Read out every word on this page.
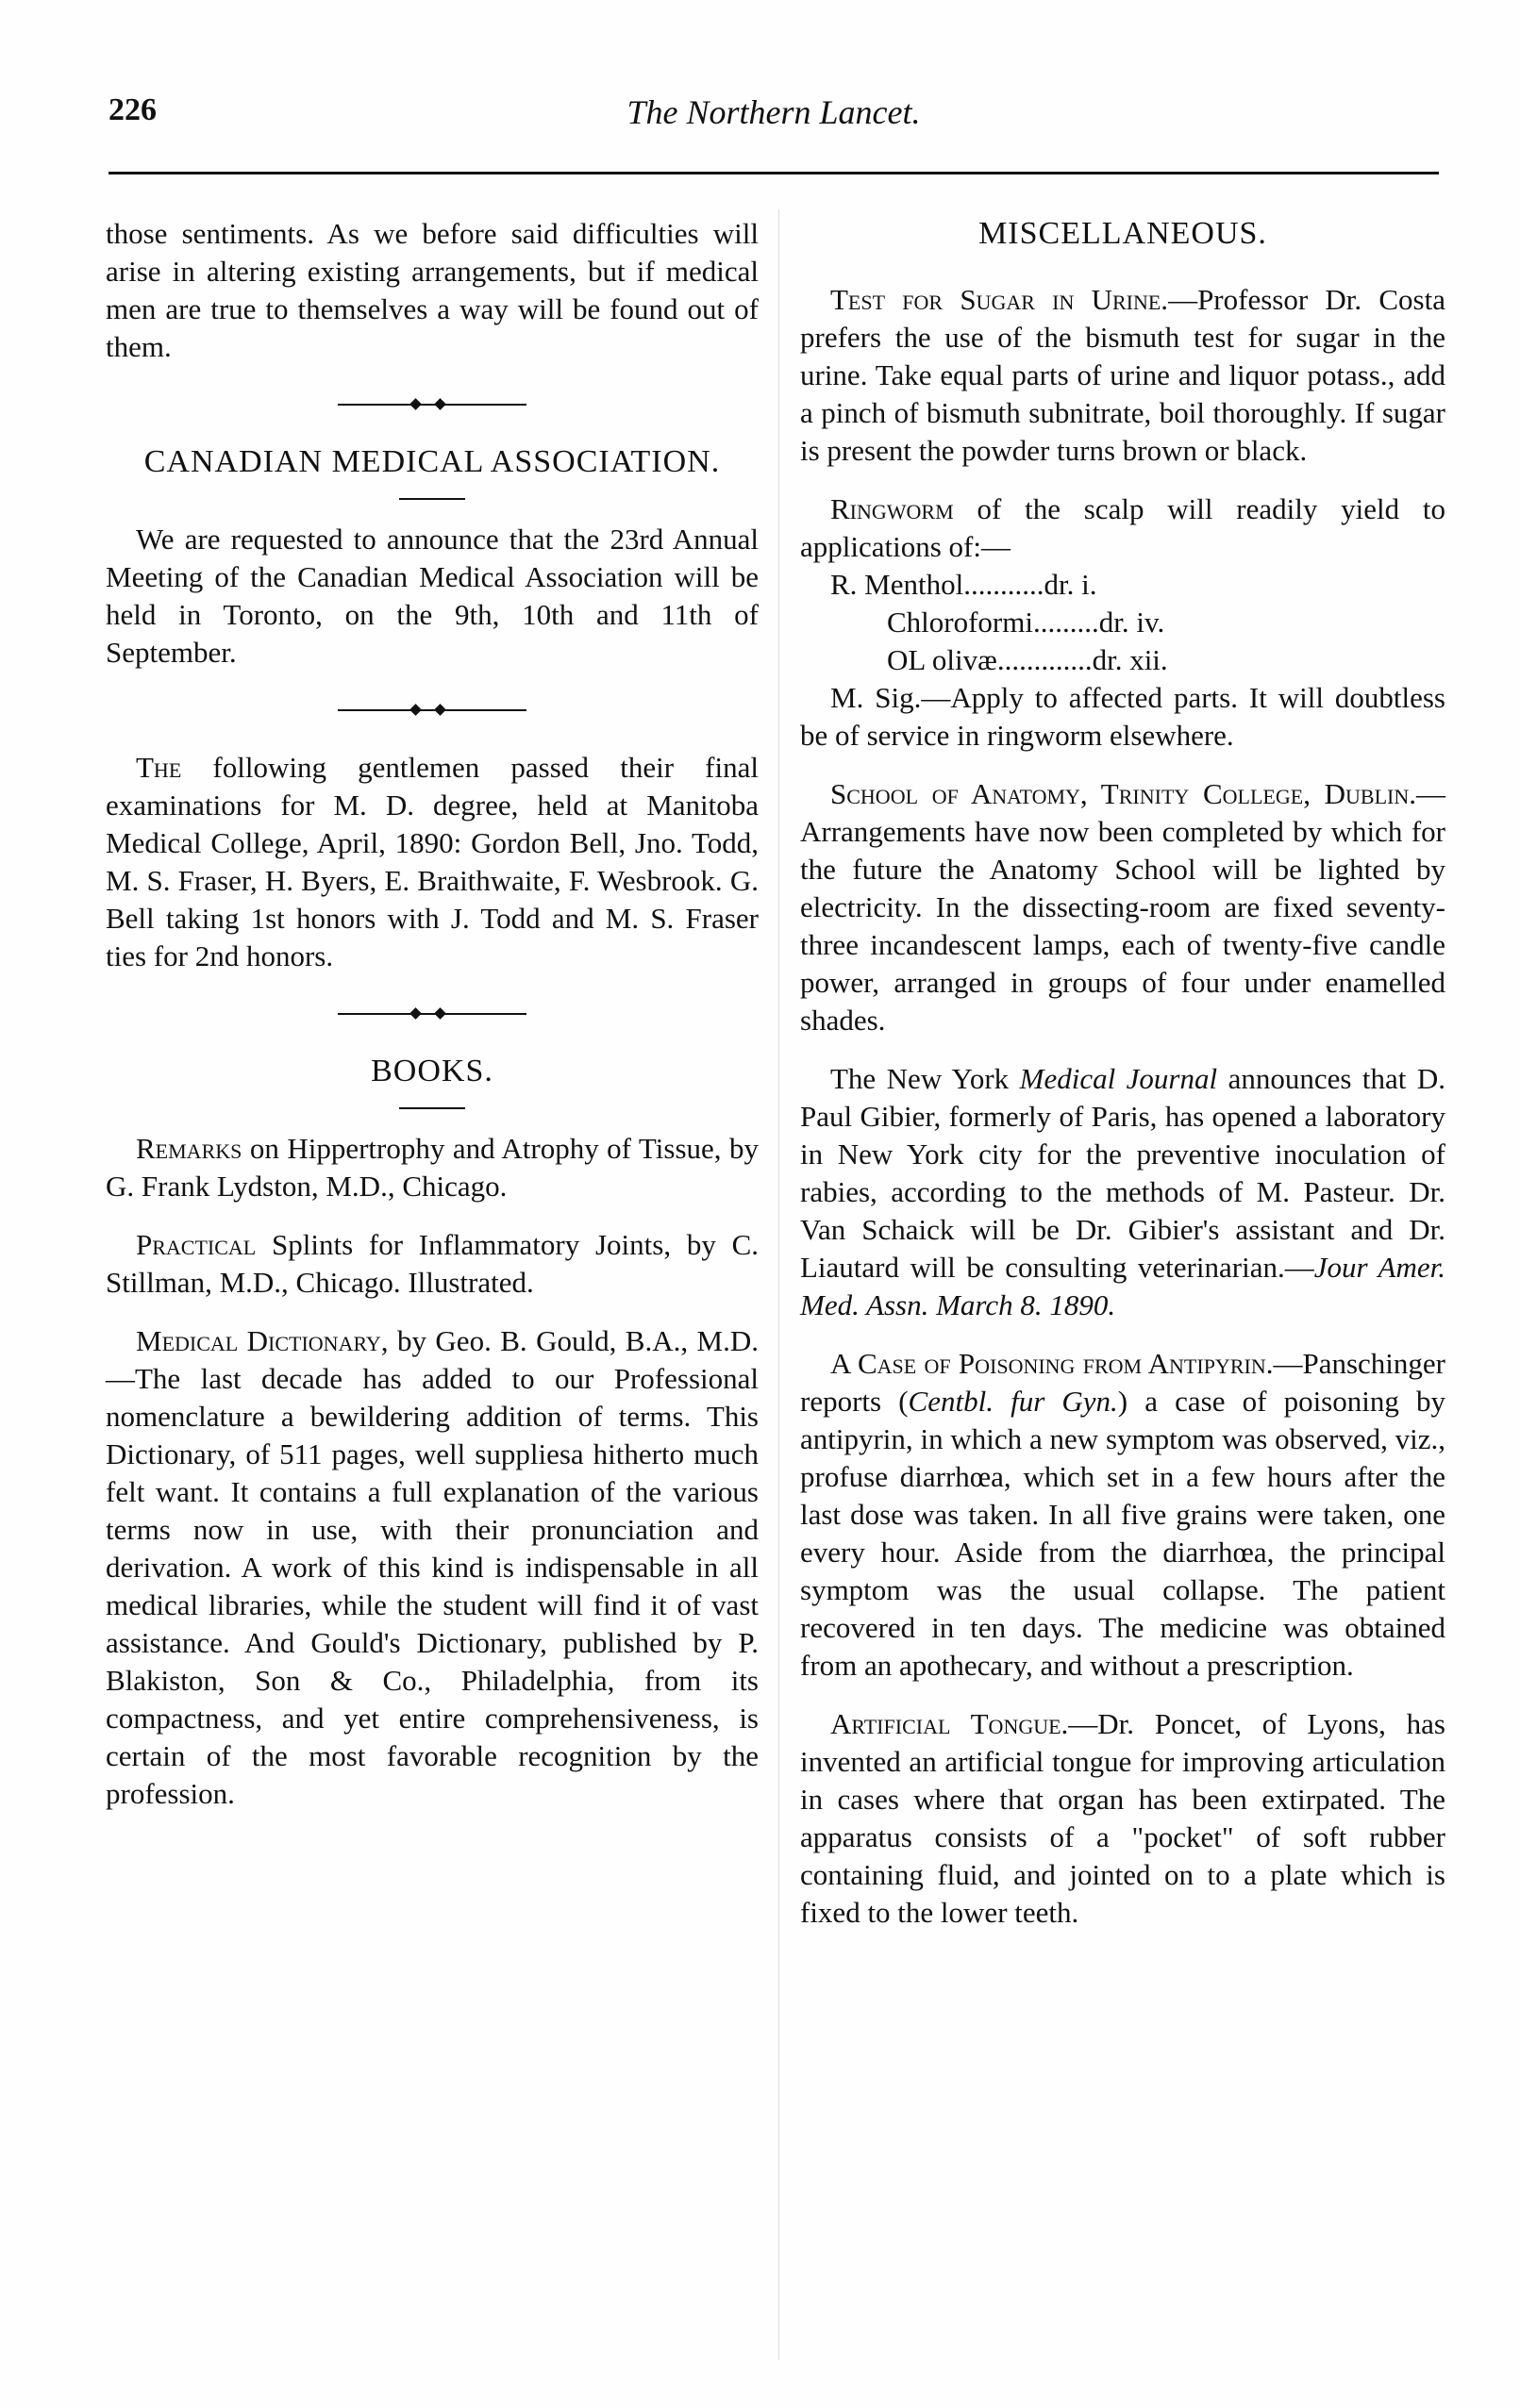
226	The Northern Lancet.

those sentiments. As we before said difficulties will arise in altering existing arrangements, but if medical men are true to themselves a way will be found out of them.

CANADIAN MEDICAL ASSOCIATION.

We are requested to announce that the 23rd Annual Meeting of the Canadian Medical Association will be held in Toronto, on the 9th, 10th and 11th of September.

The following gentlemen passed their final examinations for M. D. degree, held at Manitoba Medical College, April, 1890: Gordon Bell, Jno. Todd, M. S. Fraser, H. Byers, E. Braithwaite, F. Wesbrook. G. Bell taking 1st honors with J. Todd and M. S. Fraser ties for 2nd honors.

BOOKS.

Remarks on Hippertrophy and Atrophy of Tissue, by G. Frank Lydston, M.D., Chicago.

Practical Splints for Inflammatory Joints, by C. Stillman, M.D., Chicago. Illustrated.

Medical Dictionary, by Geo. B. Gould, B.A., M.D.—The last decade has added to our Professional nomenclature a bewildering addition of terms. This Dictionary, of 511 pages, well suppliesa hitherto much felt want. It contains a full explanation of the various terms now in use, with their pronunciation and derivation. A work of this kind is indispensable in all medical libraries, while the student will find it of vast assistance. And Gould's Dictionary, published by P. Blakiston, Son & Co., Philadelphia, from its compactness, and yet entire comprehensiveness, is certain of the most favorable recognition by the profession.

MISCELLANEOUS.

Test for Sugar in Urine.—Professor Dr. Costa prefers the use of the bismuth test for sugar in the urine. Take equal parts of urine and liquor potass., add a pinch of bismuth subnitrate, boil thoroughly. If sugar is present the powder turns brown or black.

Ringworm of the scalp will readily yield to applications of:—

R. Menthol...........dr. i.
Chloroformi.........dr. iv.
OL olivæ.............dr. xii.

M. Sig.—Apply to affected parts. It will doubtless be of service in ringworm elsewhere.

School of Anatomy, Trinity College, Dublin.—Arrangements have now been completed by which for the future the Anatomy School will be lighted by electricity. In the dissecting-room are fixed seventy-three incandescent lamps, each of twenty-five candle power, arranged in groups of four under enamelled shades.

The New York Medical Journal announces that D. Paul Gibier, formerly of Paris, has opened a laboratory in New York city for the preventive inoculation of rabies, according to the methods of M. Pasteur. Dr. Van Schaick will be Dr. Gibier's assistant and Dr. Liautard will be consulting veterinarian.—Jour Amer. Med. Assn. March 8. 1890.

A Case of Poisoning from Antipyrin.—Panschinger reports (Centbl. fur Gyn.) a case of poisoning by antipyrin, in which a new symptom was observed, viz., profuse diarrhœa, which set in a few hours after the last dose was taken. In all five grains were taken, one every hour. Aside from the diarrhœa, the principal symptom was the usual collapse. The patient recovered in ten days. The medicine was obtained from an apothecary, and without a prescription.

Artificial Tongue.—Dr. Poncet, of Lyons, has invented an artificial tongue for improving articulation in cases where that organ has been extirpated. The apparatus consists of a "pocket" of soft rubber containing fluid, and jointed on to a plate which is fixed to the lower teeth.
